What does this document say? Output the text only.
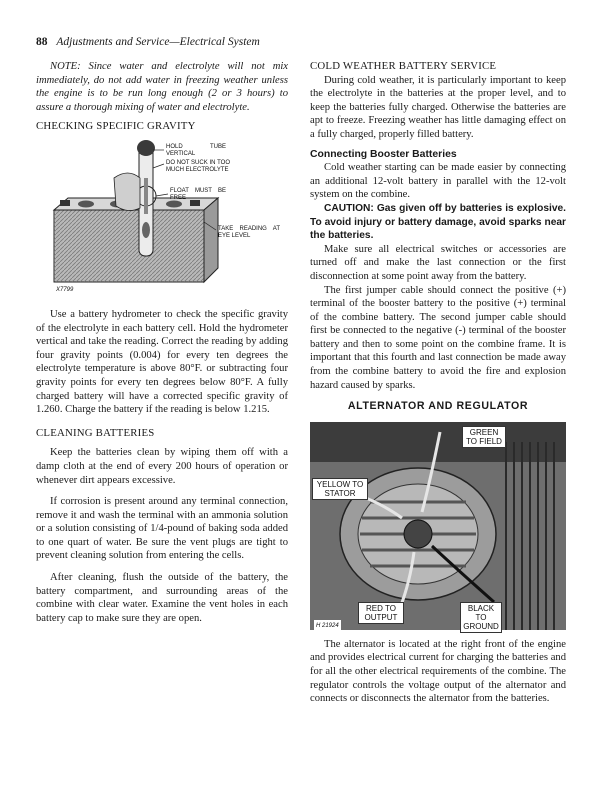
88 Adjustments and Service—Electrical System

NOTE: Since water and electrolyte will not mix immediately, do not add water in freezing weather unless the engine is to be run long enough (2 or 3 hours) to assure a thorough mixing of water and electrolyte.

CHECKING SPECIFIC GRAVITY
HOLD TUBE VERTICAL
DO NOT SUCK IN TOO MUCH ELECTROLYTE
FLOAT MUST BE FREE
TAKE READING AT EYE LEVEL
X7799

Use a battery hydrometer to check the specific gravity of the electrolyte in each battery cell. Hold the hydrometer vertical and take the reading. Correct the reading by adding four gravity points (0.004) for every ten degrees the electrolyte temperature is above 80°F. or subtracting four gravity points for every ten degrees below 80°F. A fully charged battery will have a corrected specific gravity of 1.260. Charge the battery if the reading is below 1.215.

CLEANING BATTERIES

Keep the batteries clean by wiping them off with a damp cloth at the end of every 200 hours of operation or whenever dirt appears excessive.

If corrosion is present around any terminal connection, remove it and wash the terminal with an ammonia solution or a solution consisting of 1/4-pound of baking soda added to one quart of water. Be sure the vent plugs are tight to prevent cleaning solution from entering the cells.

After cleaning, flush the outside of the battery, the battery compartment, and surrounding areas of the combine with clear water. Examine the vent holes in each battery cap to make sure they are open.

COLD WEATHER BATTERY SERVICE

During cold weather, it is particularly important to keep the electrolyte in the batteries at the proper level, and to keep the batteries fully charged. Otherwise the batteries are apt to freeze. Freezing weather has little damaging effect on a fully charged, properly filled battery.

Connecting Booster Batteries

Cold weather starting can be made easier by connecting an additional 12-volt battery in parallel with the 12-volt system on the combine.

CAUTION: Gas given off by batteries is explosive. To avoid injury or battery damage, avoid sparks near the batteries.

Make sure all electrical switches or accessories are turned off and make the last connection or the first disconnection at some point away from the battery.

The first jumper cable should connect the positive (+) terminal of the booster battery to the positive (+) terminal of the combine battery. The second jumper cable should first be connected to the negative (-) terminal of the booster battery and then to some point on the combine frame. It is important that this fourth and last connection be made away from the combine battery to avoid the fire and explosion hazard caused by sparks.

ALTERNATOR AND REGULATOR
GREEN TO FIELD
YELLOW TO STATOR
RED TO OUTPUT
BLACK TO GROUND
H 21924

The alternator is located at the right front of the engine and provides electrical current for charging the batteries and for all the other electrical requirements of the combine. The regulator controls the voltage output of the alternator and connects or disconnects the alternator from the batteries.
